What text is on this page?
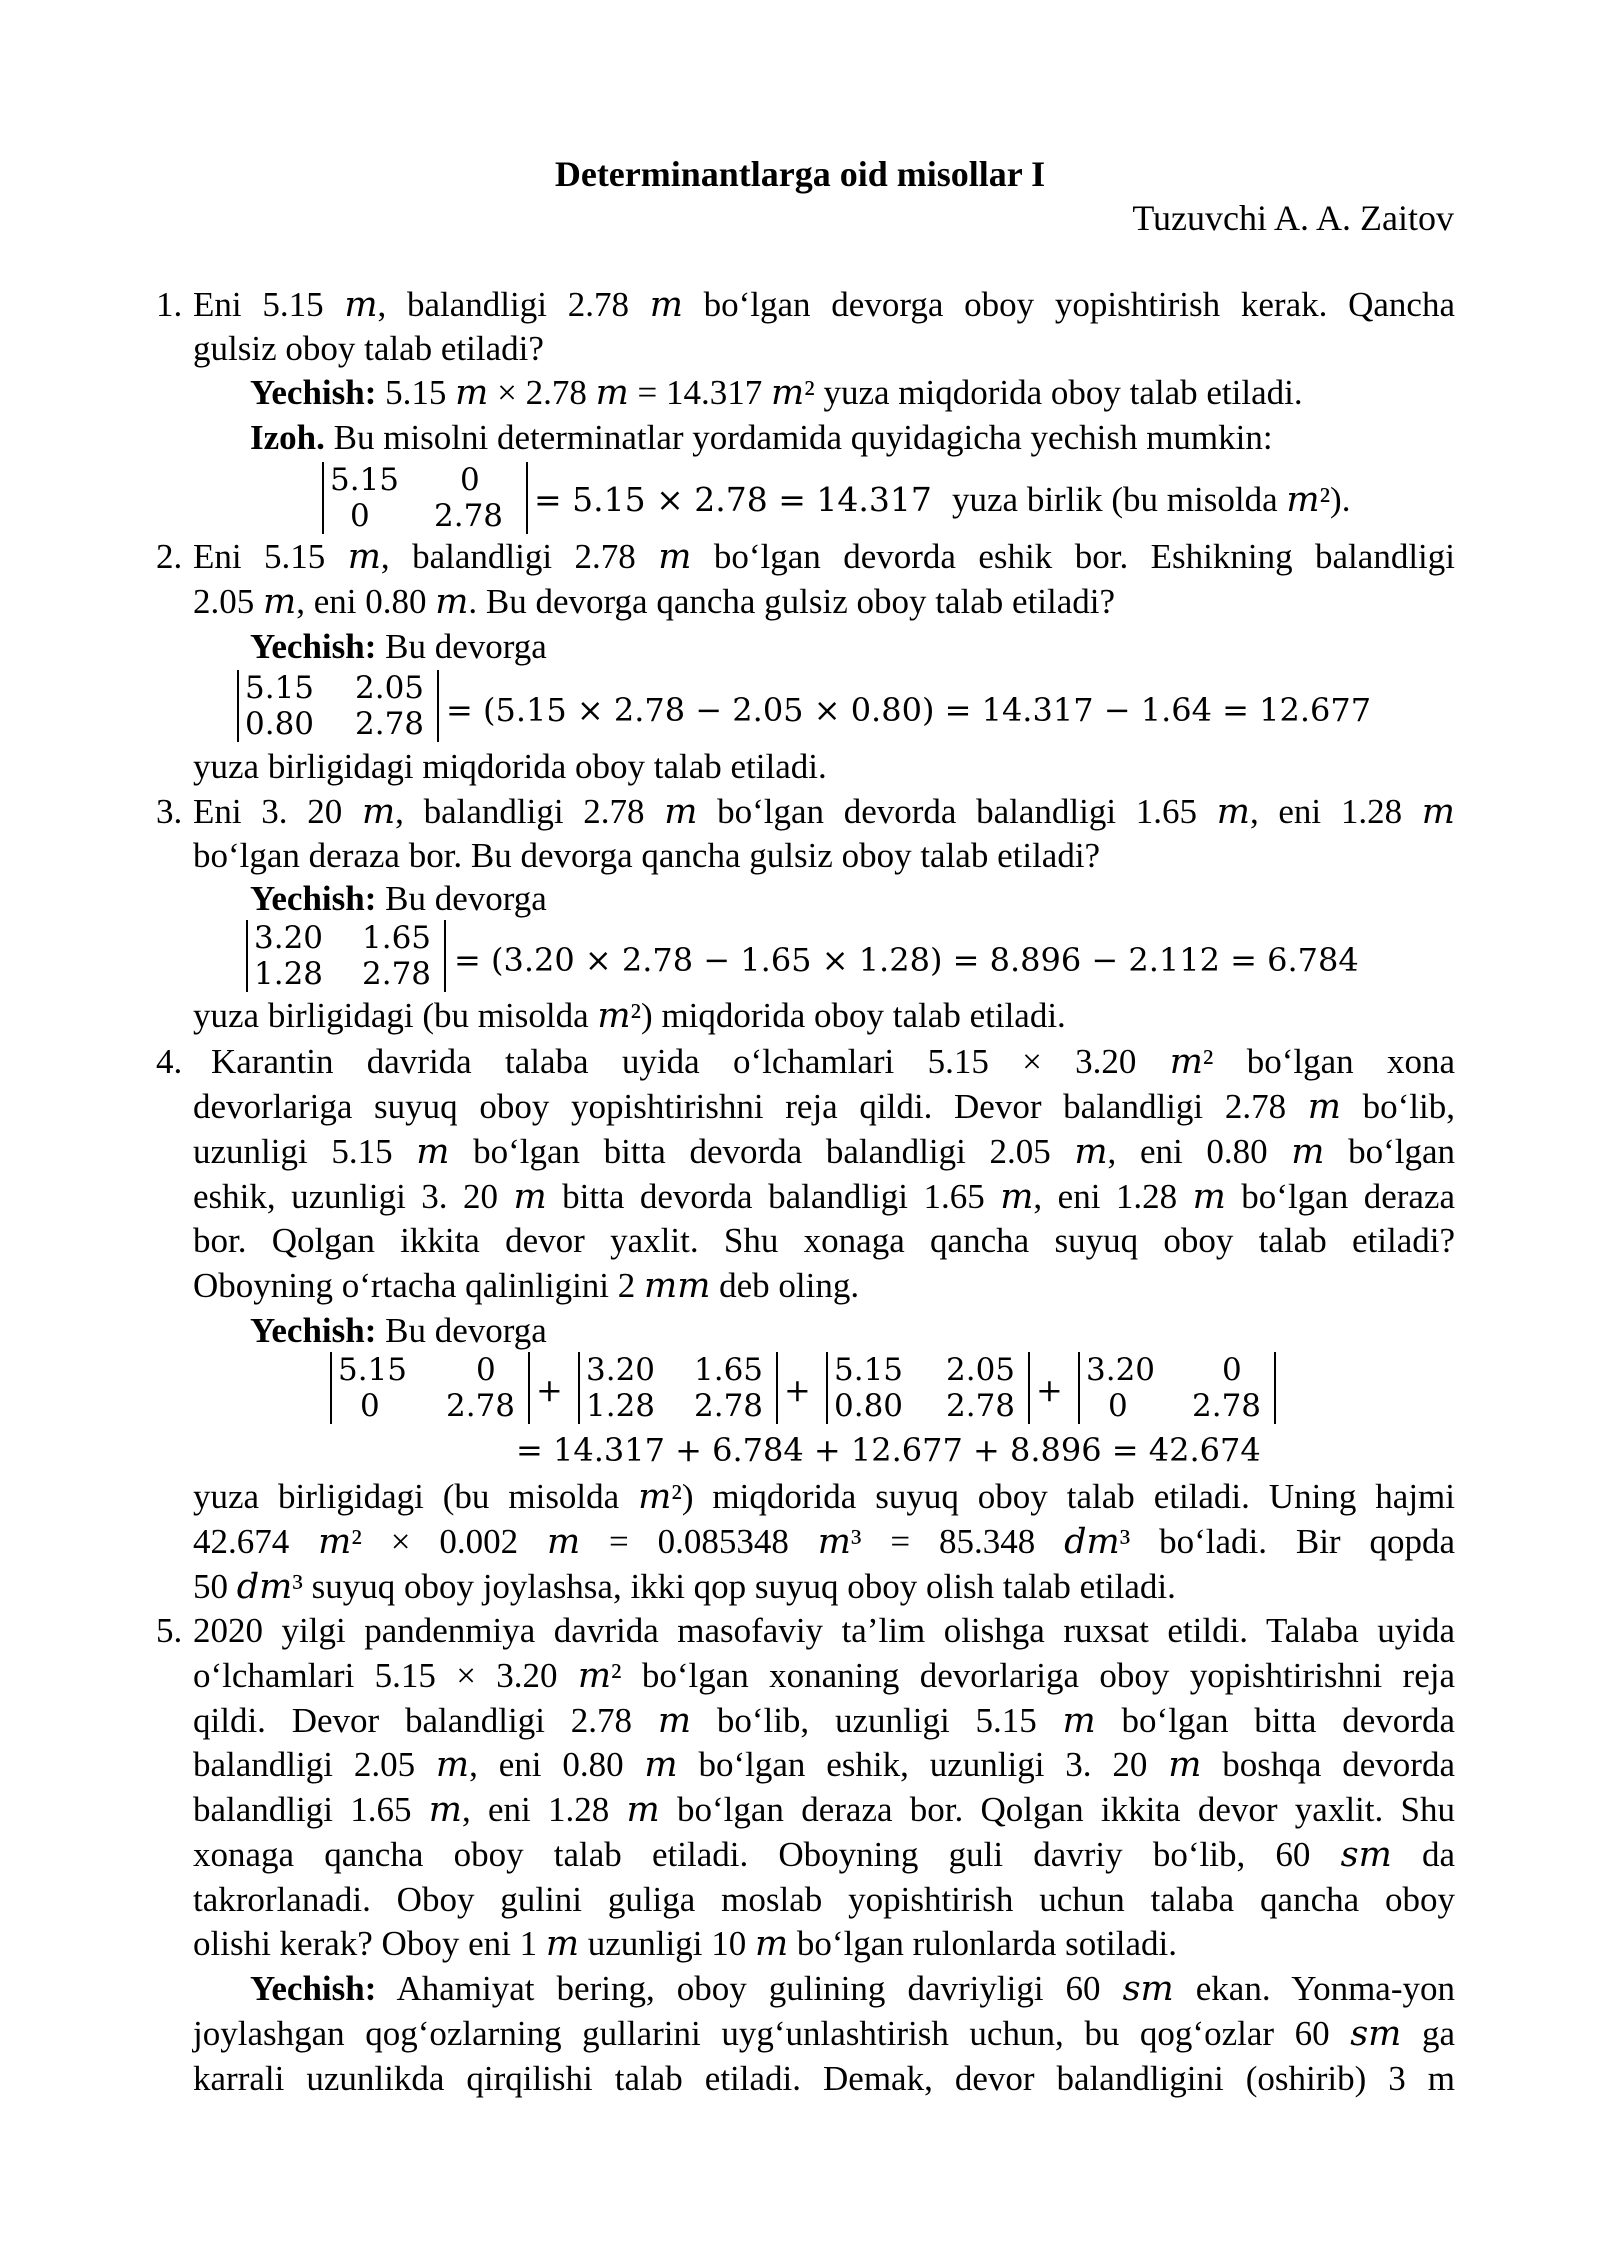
Determinantlarga oid misollar I
Tuzuvchi A. A. Zaitov
1. Eni 5.15 𝑚, balandligi 2.78 𝑚 bo‘lgan devorga oboy yopishtirish kerak. Qancha
gulsiz oboy talab etiladi?
Yechish: 5.15 𝑚 × 2.78 𝑚 = 14.317 𝑚² yuza miqdorida oboy talab etiladi.
Izoh. Bu misolni determinatlar yordamida quyidagicha yechish mumkin:
5.15 0
0 2.78 = 5.15 × 2.78 = 14.317 yuza birlik (bu misolda 𝑚²).
2. Eni 5.15 𝑚, balandligi 2.78 𝑚 bo‘lgan devorda eshik bor. Eshikning balandligi
2.05 𝑚, eni 0.80 𝑚. Bu devorga qancha gulsiz oboy talab etiladi?
Yechish: Bu devorga
5.15 2.05
0.80 2.78 = (5.15 × 2.78 − 2.05 × 0.80) = 14.317 − 1.64 = 12.677
yuza birligidagi miqdorida oboy talab etiladi.
3. Eni 3. 20 𝑚, balandligi 2.78 𝑚 bo‘lgan devorda balandligi 1.65 𝑚, eni 1.28 𝑚
bo‘lgan deraza bor. Bu devorga qancha gulsiz oboy talab etiladi?
Yechish: Bu devorga
3.20 1.65
1.28 2.78 = (3.20 × 2.78 − 1.65 × 1.28) = 8.896 − 2.112 = 6.784
yuza birligidagi (bu misolda 𝑚²) miqdorida oboy talab etiladi.
4. Karantin davrida talaba uyida o‘lchamlari 5.15 × 3.20 𝑚² bo‘lgan xona
devorlariga suyuq oboy yopishtirishni reja qildi. Devor balandligi 2.78 𝑚 bo‘lib,
uzunligi 5.15 𝑚 bo‘lgan bitta devorda balandligi 2.05 𝑚, eni 0.80 𝑚 bo‘lgan
eshik, uzunligi 3. 20 𝑚 bitta devorda balandligi 1.65 𝑚, eni 1.28 𝑚 bo‘lgan deraza
bor. Qolgan ikkita devor yaxlit. Shu xonaga qancha suyuq oboy talab etiladi?
Oboyning o‘rtacha qalinligini 2 𝑚𝑚 deb oling.
Yechish: Bu devorga
5.15 0
0 2.78 +
3.20 1.65
1.28 2.78 +
5.15 2.05
0.80 2.78 +
3.20 0
0 2.78
= 14.317 + 6.784 + 12.677 + 8.896 = 42.674
yuza birligidagi (bu misolda 𝑚²) miqdorida suyuq oboy talab etiladi. Uning hajmi
42.674 𝑚² × 0.002 𝑚 = 0.085348 𝑚³ = 85.348 𝑑𝑚³ bo‘ladi. Bir qopda
50 𝑑𝑚³ suyuq oboy joylashsa, ikki qop suyuq oboy olish talab etiladi.
5. 2020 yilgi pandenmiya davrida masofaviy ta’lim olishga ruxsat etildi. Talaba uyida
o‘lchamlari 5.15 × 3.20 𝑚² bo‘lgan xonaning devorlariga oboy yopishtirishni reja
qildi. Devor balandligi 2.78 𝑚 bo‘lib, uzunligi 5.15 𝑚 bo‘lgan bitta devorda
balandligi 2.05 𝑚, eni 0.80 𝑚 bo‘lgan eshik, uzunligi 3. 20 𝑚 boshqa devorda
balandligi 1.65 𝑚, eni 1.28 𝑚 bo‘lgan deraza bor. Qolgan ikkita devor yaxlit. Shu
xonaga qancha oboy talab etiladi. Oboyning guli davriy bo‘lib, 60 𝑠𝑚 da
takrorlanadi. Oboy gulini guliga moslab yopishtirish uchun talaba qancha oboy
olishi kerak? Oboy eni 1 𝑚 uzunligi 10 𝑚 bo‘lgan rulonlarda sotiladi.
Yechish: Ahamiyat bering, oboy gulining davriyligi 60 𝑠𝑚 ekan. Yonma-yon
joylashgan qog‘ozlarning gullarini uyg‘unlashtirish uchun, bu qog‘ozlar 60 𝑠𝑚 ga
karrali uzunlikda qirqilishi talab etiladi. Demak, devor balandligini (oshirib) 3 m
